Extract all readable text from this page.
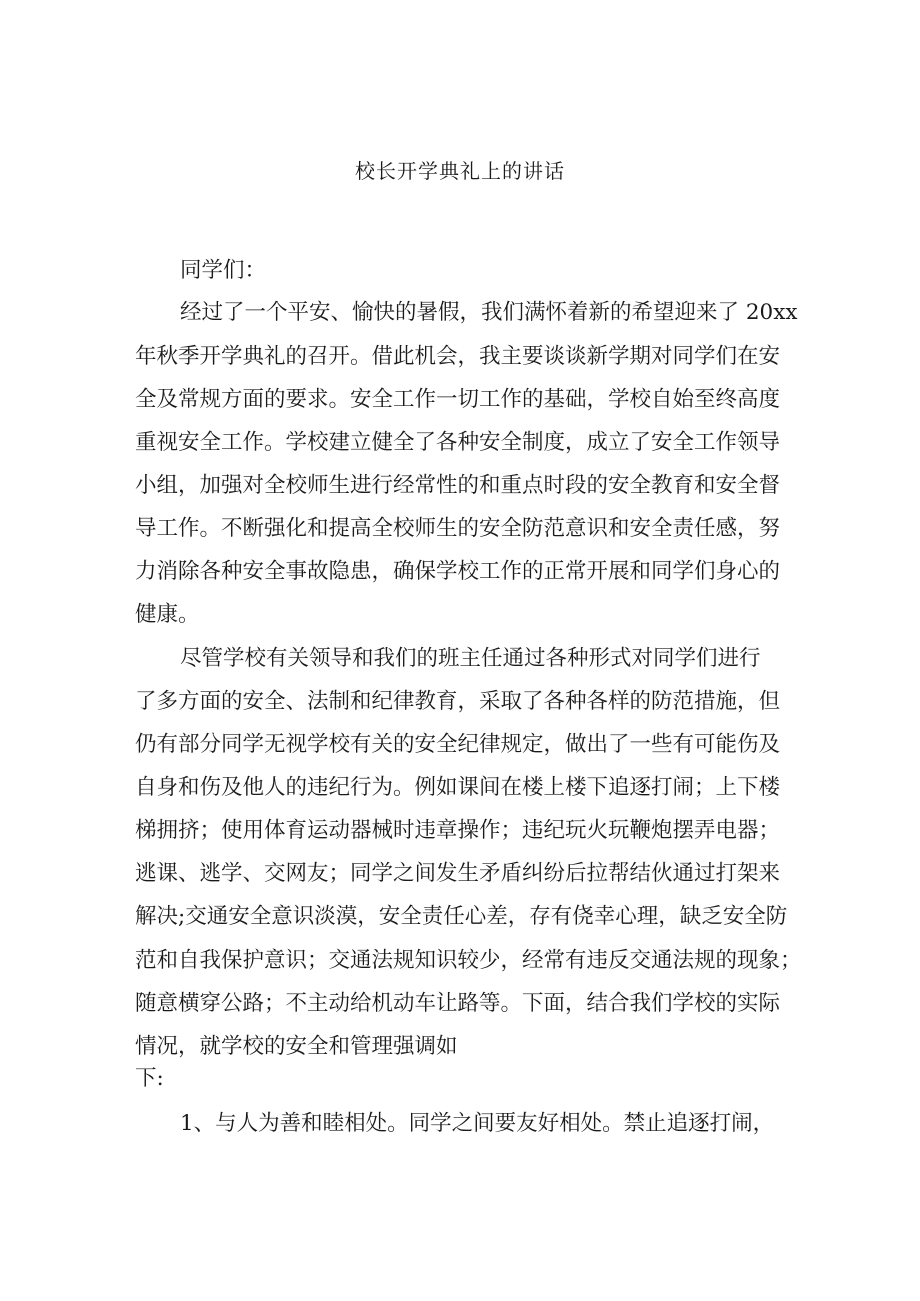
校长开学典礼上的讲话
同学们：
经过了一个平安、愉快的暑假，我们满怀着新的希望迎来了 20xx
年秋季开学典礼的召开。借此机会，我主要谈谈新学期对同学们在安
全及常规方面的要求。安全工作一切工作的基础，学校自始至终高度
重视安全工作。学校建立健全了各种安全制度，成立了安全工作领导
小组，加强对全校师生进行经常性的和重点时段的安全教育和安全督
导工作。不断强化和提高全校师生的安全防范意识和安全责任感，努
力消除各种安全事故隐患，确保学校工作的正常开展和同学们身心的
健康。
尽管学校有关领导和我们的班主任通过各种形式对同学们进行
了多方面的安全、法制和纪律教育，采取了各种各样的防范措施，但
仍有部分同学无视学校有关的安全纪律规定，做出了一些有可能伤及
自身和伤及他人的违纪行为。例如课间在楼上楼下追逐打闹；上下楼
梯拥挤；使用体育运动器械时违章操作；违纪玩火玩鞭炮摆弄电器；
逃课、逃学、交网友；同学之间发生矛盾纠纷后拉帮结伙通过打架来
解决;交通安全意识淡漠，安全责任心差，存有侥幸心理，缺乏安全防
范和自我保护意识；交通法规知识较少，经常有违反交通法规的现象；
随意横穿公路；不主动给机动车让路等。下面，结合我们学校的实际
情况，就学校的安全和管理强调如
下:
1、与人为善和睦相处。同学之间要友好相处。禁止追逐打闹，
